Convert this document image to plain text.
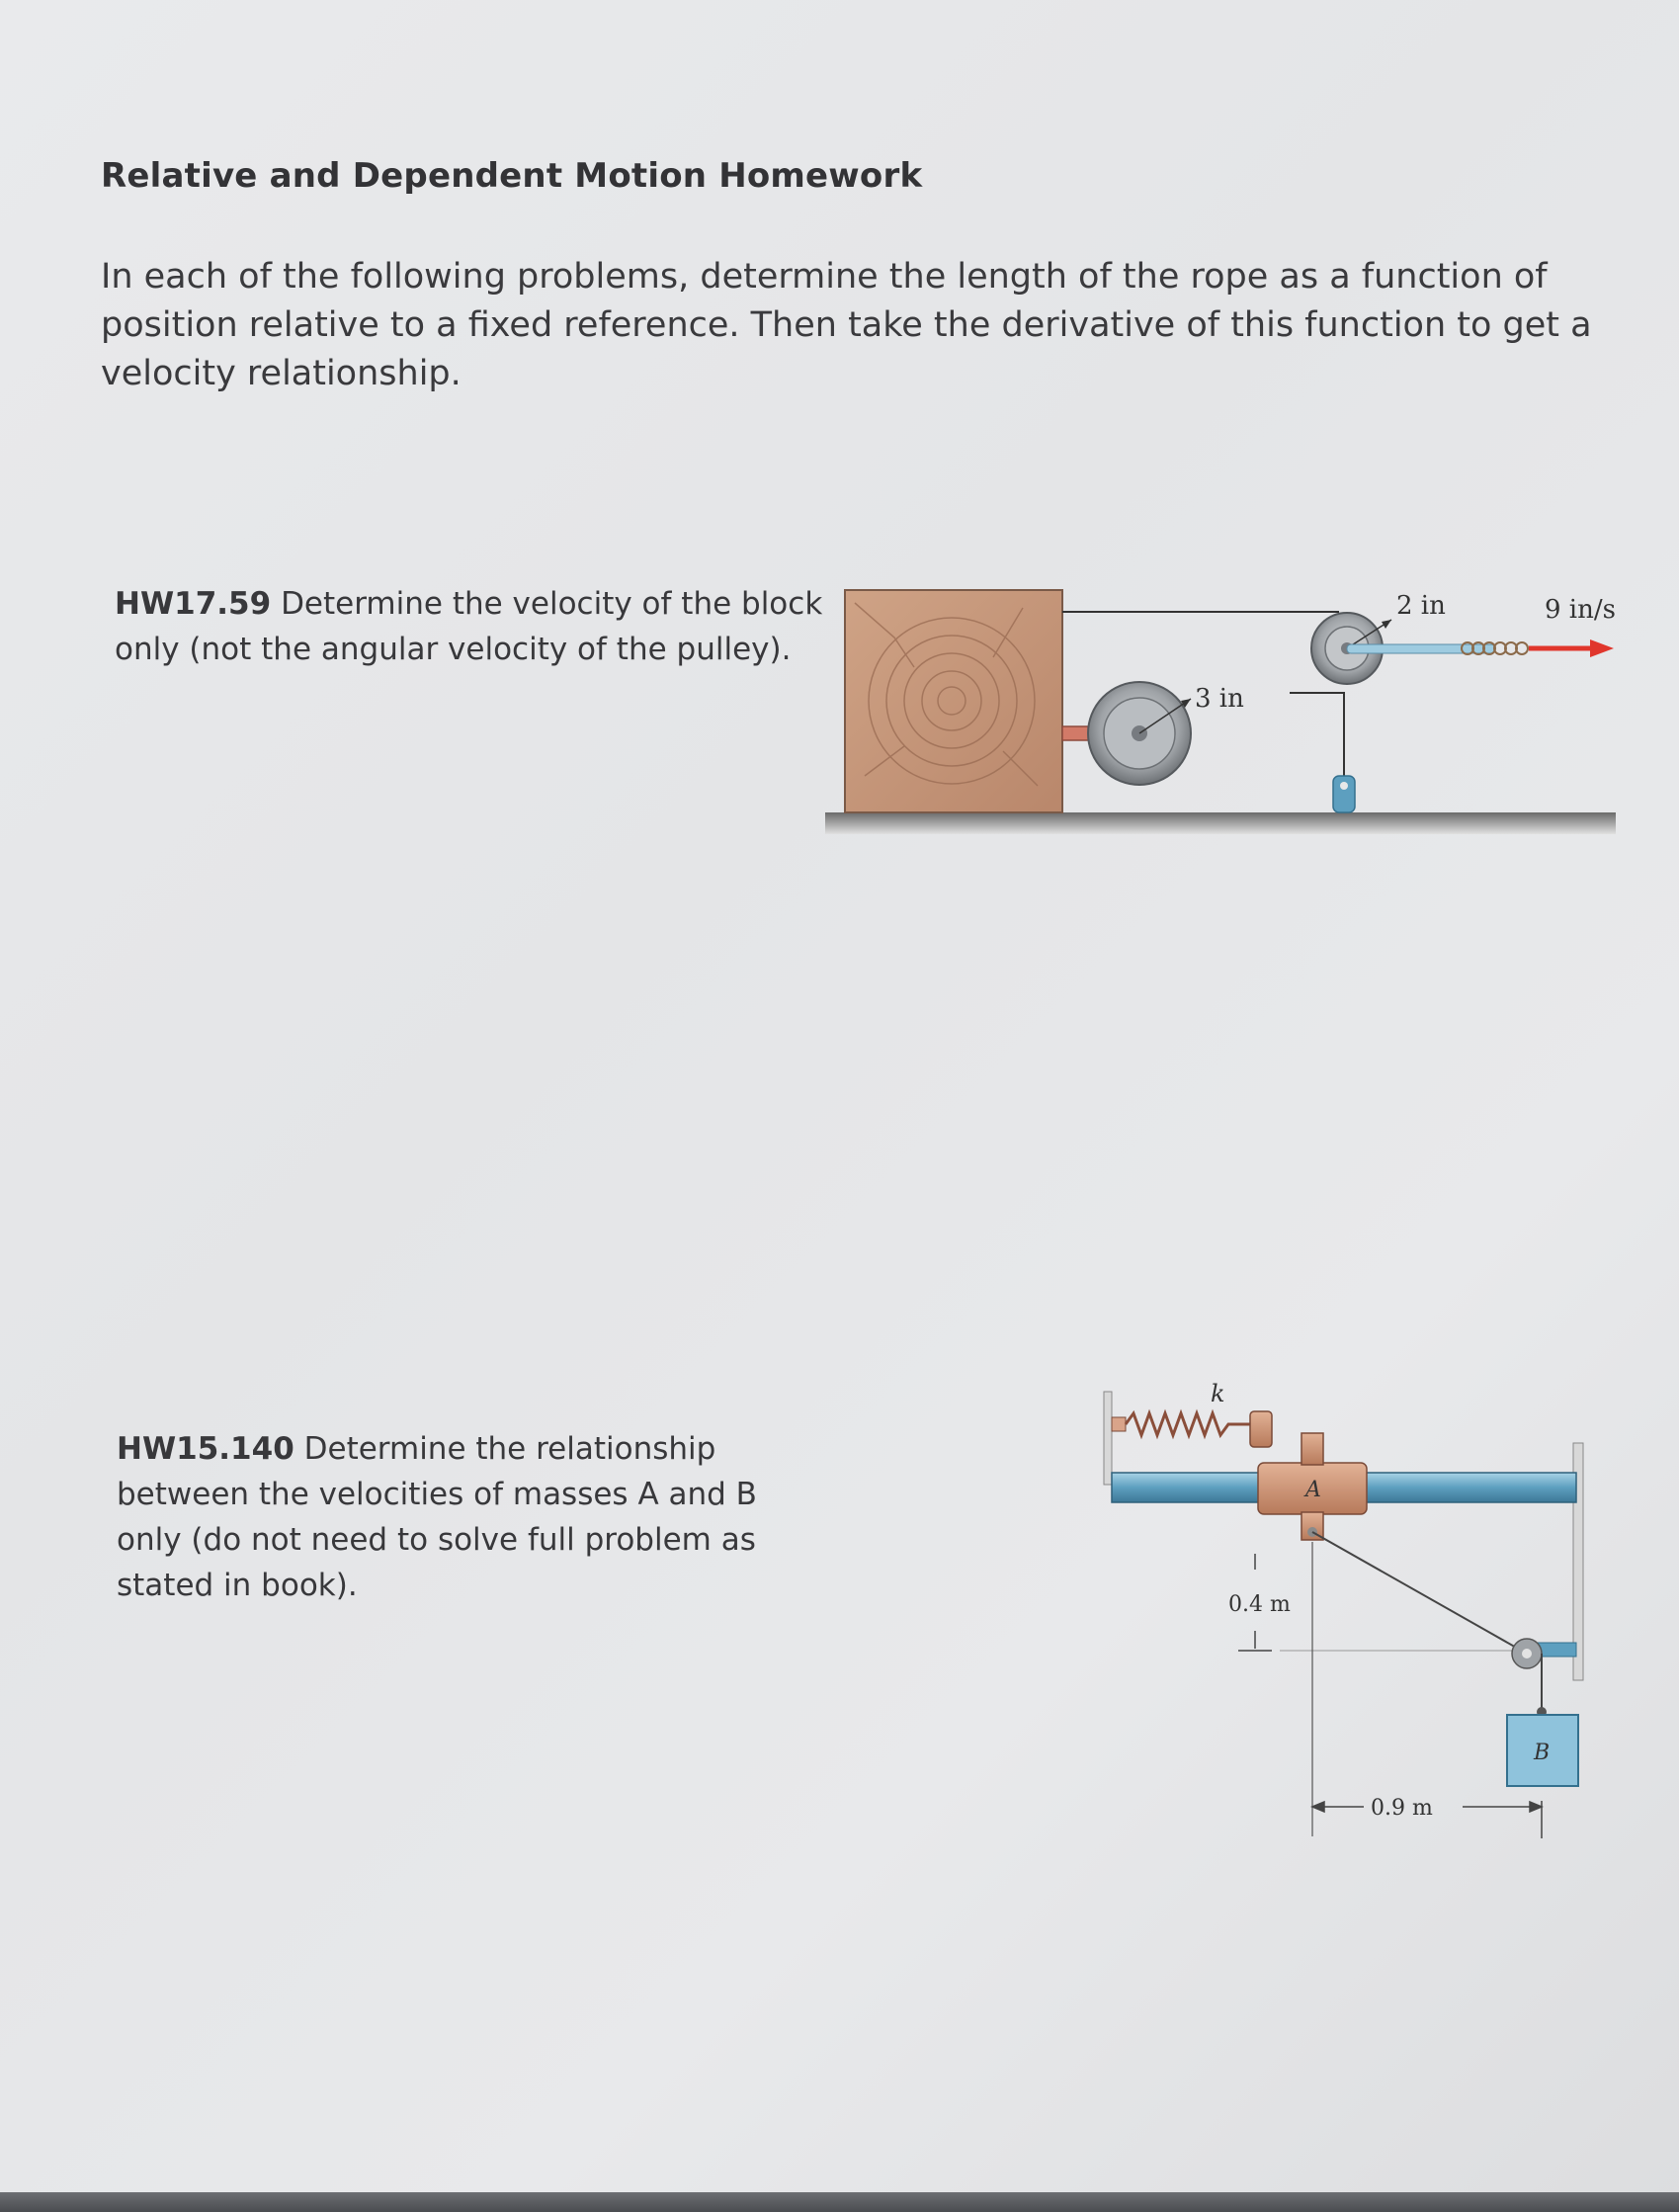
Relative and Dependent Motion Homework
In each of the following problems, determine the length of the rope as a function of position relative to a fixed reference. Then take the derivative of this function to get a velocity relationship.
HW17.59 Determine the velocity of the block only (not the angular velocity of the pulley).
3 in
2 in	9 in/s
HW15.140 Determine the relationship between the velocities of masses A and B only (do not need to solve full problem as stated in book).
k
A
0.4 m
B
0.9 m
